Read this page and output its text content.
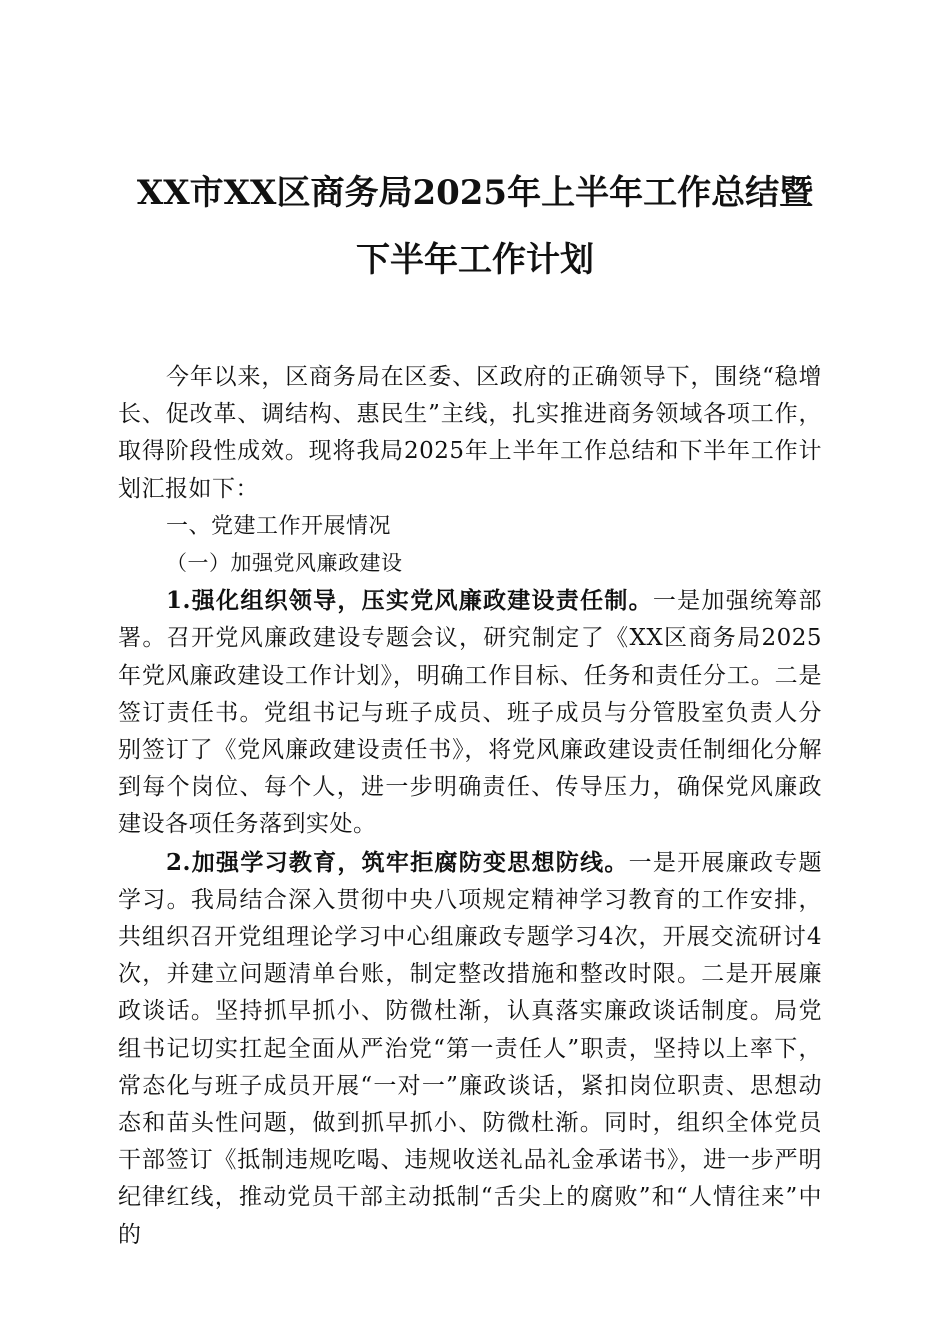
XX市XX区商务局2025年上半年工作总结暨
下半年工作计划

今年以来，区商务局在区委、区政府的正确领导下，围绕“稳增长、促改革、调结构、惠民生”主线，扎实推进商务领域各项工作，取得阶段性成效。现将我局2025年上半年工作总结和下半年工作计划汇报如下：

一、党建工作开展情况

（一）加强党风廉政建设

1.强化组织领导，压实党风廉政建设责任制。一是加强统筹部署。召开党风廉政建设专题会议，研究制定了《XX区商务局2025年党风廉政建设工作计划》，明确工作目标、任务和责任分工。二是签订责任书。党组书记与班子成员、班子成员与分管股室负责人分别签订了《党风廉政建设责任书》，将党风廉政建设责任制细化分解到每个岗位、每个人，进一步明确责任、传导压力，确保党风廉政建设各项任务落到实处。

2.加强学习教育，筑牢拒腐防变思想防线。一是开展廉政专题学习。我局结合深入贯彻中央八项规定精神学习教育的工作安排，共组织召开党组理论学习中心组廉政专题学习4次，开展交流研讨4次，并建立问题清单台账，制定整改措施和整改时限。二是开展廉政谈话。坚持抓早抓小、防微杜渐，认真落实廉政谈话制度。局党组书记切实扛起全面从严治党“第一责任人”职责，坚持以上率下，常态化与班子成员开展“一对一”廉政谈话，紧扣岗位职责、思想动态和苗头性问题，做到抓早抓小、防微杜渐。同时，组织全体党员干部签订《抵制违规吃喝、违规收送礼品礼金承诺书》，进一步严明纪律红线，推动党员干部主动抵制“舌尖上的腐败”和“人情往来”中的
